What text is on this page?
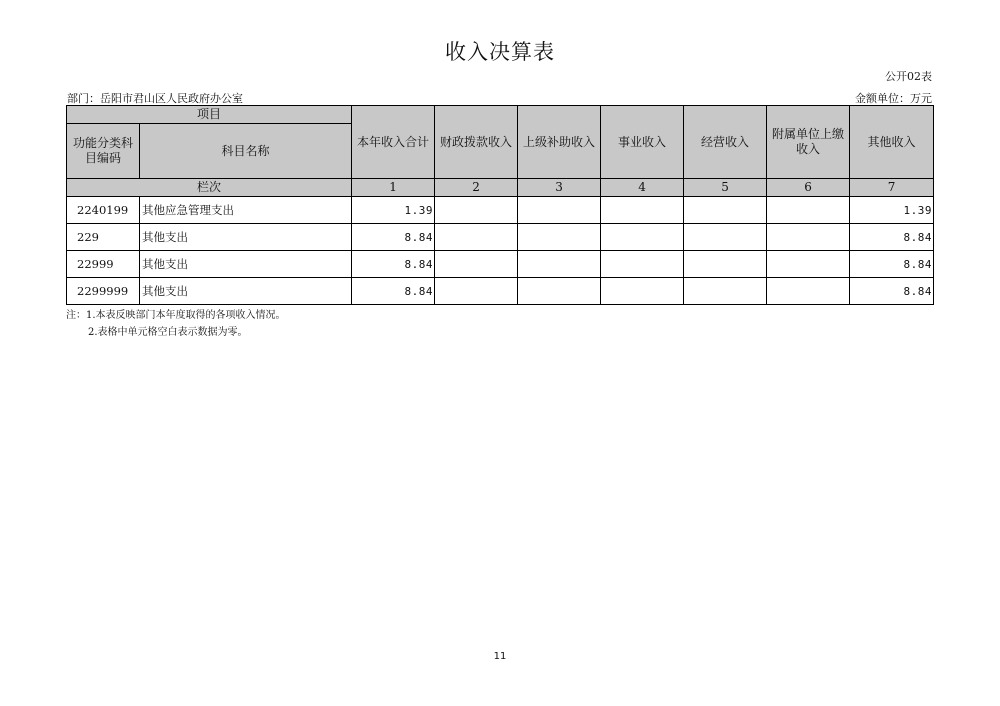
收入决算表
公开02表
部门：岳阳市君山区人民政府办公室	金额单位：万元
项目		本年收入合计	财政拨款收入	上级补助收入	事业收入	经营收入	附属单位上缴收入	其他收入
功能分类科目编码	科目名称							
栏次		1	2	3	4	5	6	7
2240199	其他应急管理支出	1.39						1.39
229	其他支出	8.84						8.84
22999	其他支出	8.84						8.84
2299999	其他支出	8.84						8.84
注：1.本表反映部门本年度取得的各项收入情况。
2.表格中单元格空白表示数据为零。
11
